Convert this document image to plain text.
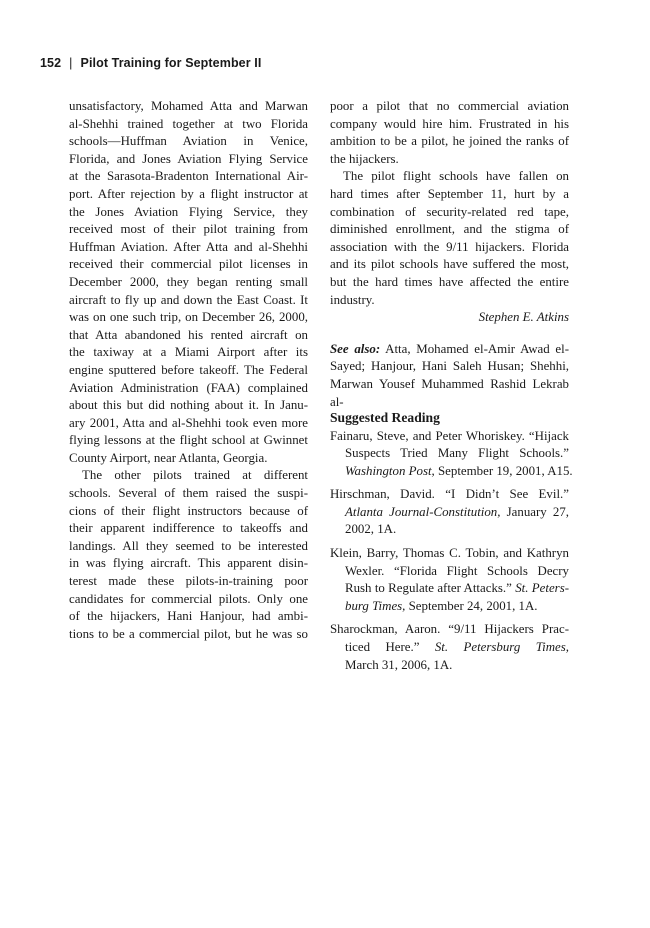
152 | Pilot Training for September II
unsatisfactory, Mohamed Atta and Marwan
al-Shehhi trained together at two Florida
schools—Huffman Aviation in Venice,
Florida, and Jones Aviation Flying Service
at the Sarasota-Bradenton International Air-
port. After rejection by a flight instructor at
the Jones Aviation Flying Service, they
received most of their pilot training from
Huffman Aviation. After Atta and al-Shehhi
received their commercial pilot licenses in
December 2000, they began renting small
aircraft to fly up and down the East Coast. It
was on one such trip, on December 26, 2000,
that Atta abandoned his rented aircraft on
the taxiway at a Miami Airport after its
engine sputtered before takeoff. The Federal
Aviation Administration (FAA) complained
about this but did nothing about it. In Janu-
ary 2001, Atta and al-Shehhi took even more
flying lessons at the flight school at Gwinnet
County Airport, near Atlanta, Georgia.
The other pilots trained at different
schools. Several of them raised the suspi-
cions of their flight instructors because of
their apparent indifference to takeoffs and
landings. All they seemed to be interested
in was flying aircraft. This apparent disin-
terest made these pilots-in-training poor
candidates for commercial pilots. Only one
of the hijackers, Hani Hanjour, had ambi-
tions to be a commercial pilot, but he was so
poor a pilot that no commercial aviation
company would hire him. Frustrated in his
ambition to be a pilot, he joined the ranks of
the hijackers.
The pilot flight schools have fallen on
hard times after September 11, hurt by a
combination of security-related red tape,
diminished enrollment, and the stigma of
association with the 9/11 hijackers. Florida
and its pilot schools have suffered the most,
but the hard times have affected the entire
industry.
Stephen E. Atkins
See also: Atta, Mohamed el-Amir Awad el-
Sayed; Hanjour, Hani Saleh Husan; Shehhi,
Marwan Yousef Muhammed Rashid Lekrab al-
Suggested Reading
Fainaru, Steve, and Peter Whoriskey. “Hijack
Suspects Tried Many Flight Schools.”
Washington Post, September 19, 2001, A15.
Hirschman, David. “I Didn’t See Evil.”
Atlanta Journal-Constitution, January 27,
2002, 1A.
Klein, Barry, Thomas C. Tobin, and Kathryn
Wexler. “Florida Flight Schools Decry
Rush to Regulate after Attacks.” St. Peters-
burg Times, September 24, 2001, 1A.
Sharockman, Aaron. “9/11 Hijackers Prac-
ticed Here.” St. Petersburg Times,
March 31, 2006, 1A.
